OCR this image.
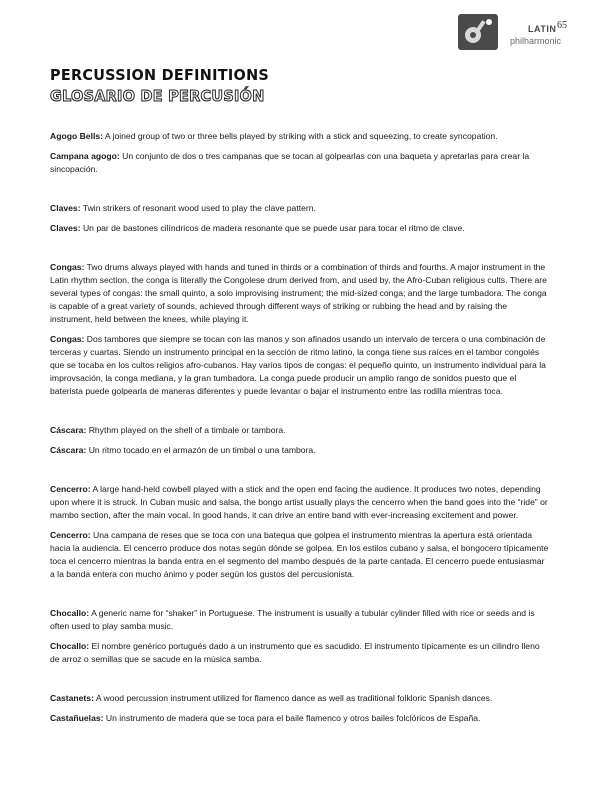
LATIN
philharmonic
65
PERCUSSION DEFINITIONS
GLOSARIO DE PERCUSIÓN

Agogo Bells: A joined group of two or three bells played by striking with a stick and squeezing, to create syncopation.

Campana agogo: Un conjunto de dos o tres campanas que se tocan al golpearlas con una baqueta y apretarlas para crear la sincopación.

Claves: Twin strikers of resonant wood used to play the clave pattern.

Claves: Un par de bastones cilíndricos de madera resonante que se puede usar para tocar el ritmo de clave.

Congas: Two drums always played with hands and tuned in thirds or a combination of thirds and fourths. A major instrument in the Latin rhythm section, the conga is literally the Congolese drum derived from, and used by, the Afro-Cuban religious cults. There are several types of congas: the small quinto, a solo improvising instrument; the mid-sized conga; and the large tumbadora. The conga is capable of a great variety of sounds, achieved through different ways of striking or rubbing the head and by raising the instrument, held between the knees, while playing it.

Congas: Dos tambores que siempre se tocan con las manos y son afinados usando un intervalo de tercera o una combinación de terceras y cuartas. Siendo un instrumento principal en la sección de ritmo latino, la conga tiene sus raíces en el tambor congolés que se tocaba en los cultos religios afro-cubanos. Hay varios tipos de congas: el pequeño quinto, un instrumento individual para la improvsación, la conga mediana, y la gran tumbadora. La conga puede producir un amplio rango de sonidos puesto que el baterista puede golpearla de maneras diferentes y puede levantar o bajar el instrumento entre las rodilla mientras toca.

Cáscara: Rhythm played on the shell of a timbale or tambora.

Cáscara: Un ritmo tocado en el armazón de un timbal o una tambora.

Cencerro: A large hand-held cowbell played with a stick and the open end facing the audience. It produces two notes, depending upon where it is struck. In Cuban music and salsa, the bongo artist usually plays the cencerro when the band goes into the “ride” or mambo section, after the main vocal. In good hands, it can drive an entire band with ever-increasing excitement and power.

Cencerro: Una campana de reses que se toca con una batequa que golpea el instrumento mientras la apertura está orientada hacia la audiencia. El cencerro produce dos notas según dónde se golpea. En los estilos cubano y salsa, el bongocero típicamente toca el cencerro mientras la banda entra en el segmento del mambo después de la parte cantada. El cencerro puede entusiasmar a la banda entera con mucho ánimo y poder según los gustos del percusionista.

Chocallo: A generic name for “shaker” in Portuguese. The instrument is usually a tubular cylinder filled with rice or seeds and is often used to play samba music.

Chocallo: El nombre genérico portugués dado a un instrumento que es sacudido. El instrumento típicamente es un cilindro lleno de arroz o semillas que se sacude en la música samba.

Castanets: A wood percussion instrument utilized for flamenco dance as well as traditional folkloric Spanish dances.

Castañuelas: Un instrumento de madera que se toca para el baile flamenco y otros bailes folclóricos de España.
